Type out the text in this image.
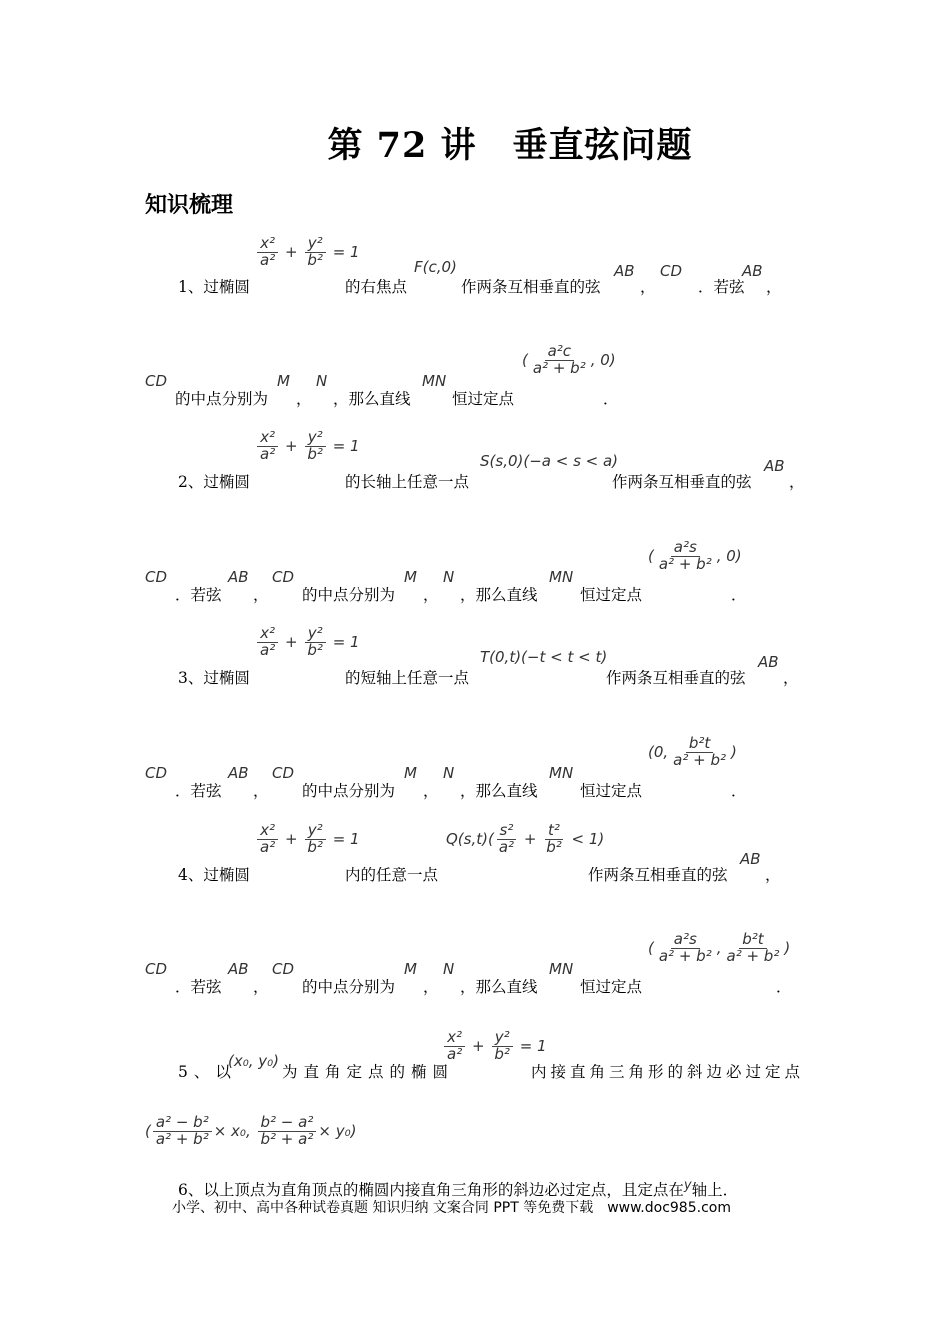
第 72 讲　垂直弦问题
知识梳理
$\frac{\text{x²}}{\text{a²}} + \frac{\text{y²}}{\text{b²}} = 1$
1、过椭圆	的右焦点
F(c,0)
作两条互相垂直的弦
AB
，
CD
．若弦
AB
，
CD
的中点分别为
M
，
N
，那么直线
MN
恒过定点
( $\frac{\text{a²c}}{\text{a² + b²}}$ , 0)
．
$\frac{\text{x²}}{\text{a²}} + \frac{\text{y²}}{\text{b²}} = 1$
2、过椭圆	的长轴上任意一点
S(s,0)(−a < s < a)
作两条互相垂直的弦
AB
，
CD
．若弦
AB
，
CD
的中点分别为
M
，
N
，那么直线
MN
恒过定点
( $\frac{\text{a²s}}{\text{a² + b²}}$ , 0)
．
$\frac{\text{x²}}{\text{a²}} + \frac{\text{y²}}{\text{b²}} = 1$
3、过椭圆	的短轴上任意一点
T(0,t)(−t < t < t)
作两条互相垂直的弦
AB
，
CD
．若弦
AB
，
CD
的中点分别为
M
，
N
，那么直线
MN
恒过定点
(0, $\frac{\text{b²t}}{\text{a² + b²}}$ )
．
$\frac{\text{x²}}{\text{a²}} + \frac{\text{y²}}{\text{b²}} = 1$
4、过椭圆	内的任意一点
$Q(s,t)( \frac{\text{s²}}{\text{a²}} + \frac{\text{t²}}{\text{b²}} < 1)$
作两条互相垂直的弦
AB
，
CD
．若弦
AB
，
CD
的中点分别为
M
，
N
，那么直线
MN
恒过定点
( $\frac{\text{a²s}}{\text{a² + b²}}$ , $\frac{\text{b²t}}{\text{a² + b²}}$ )
．
5、以
(x₀, y₀)
为直角定点的椭圆
$\frac{\text{x²}}{\text{a²}} + \frac{\text{y²}}{\text{b²}} = 1$
内接直角三角形的斜边必过定点
( $\frac{\text{a² − b²}}{\text{a² + b²}} \times x_0$, $\frac{\text{b² − a²}}{\text{b² + a²}} \times y_0$)
6、以上顶点为直角顶点的椭圆内接直角三角形的斜边必过定点，且定点在$^y$轴上．
小学、初中、高中各种试卷真题 知识归纳 文案合同 PPT 等免费下载　www.doc985.com
